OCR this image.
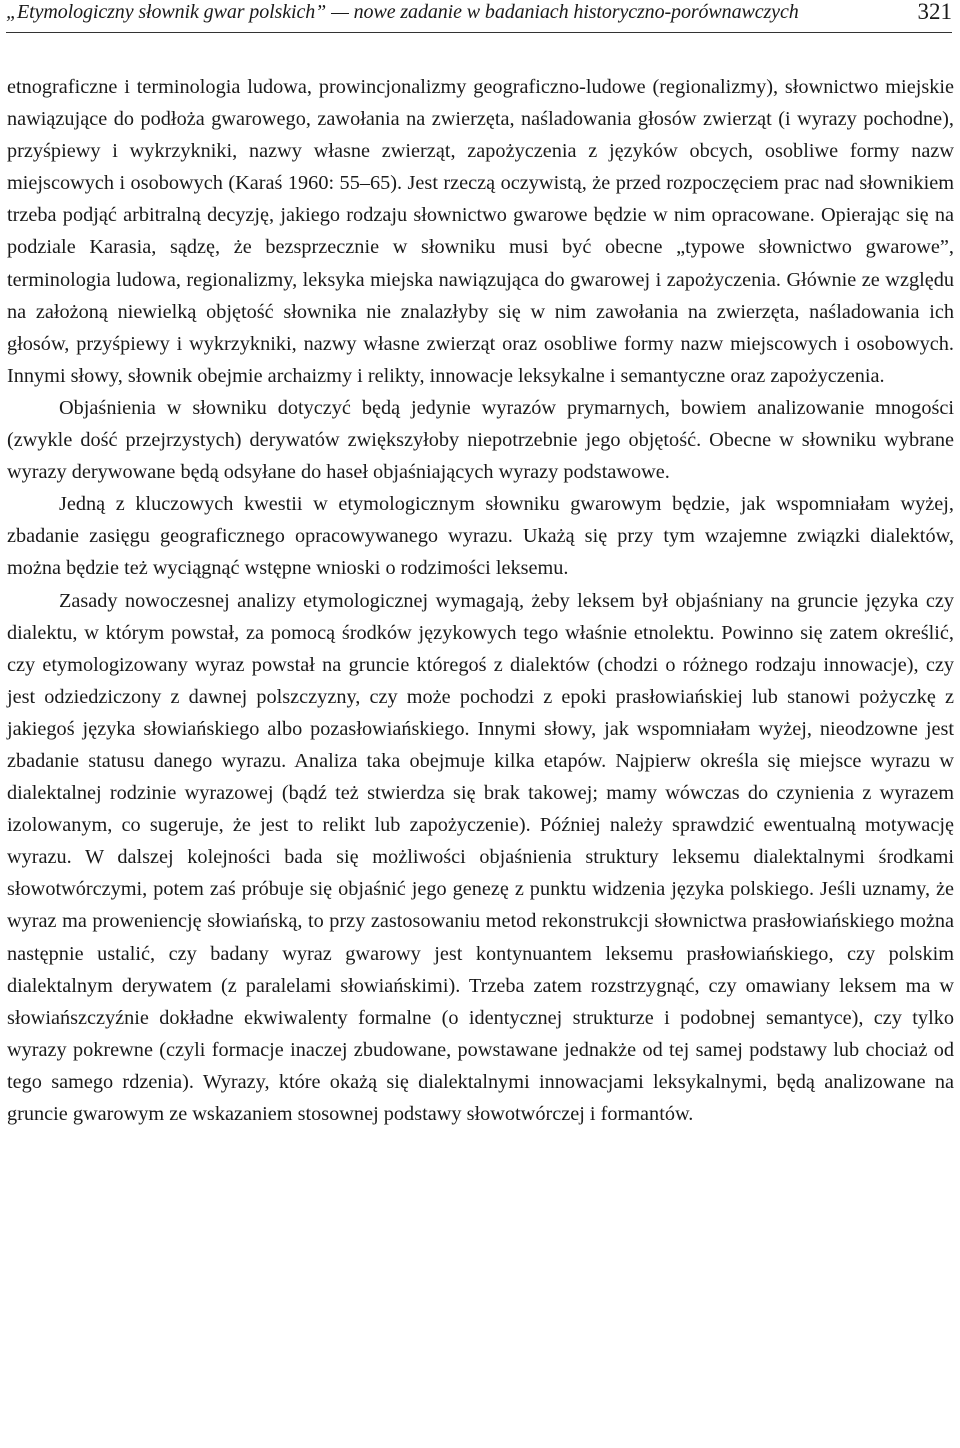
„Etymologiczny słownik gwar polskich” — nowe zadanie w badaniach historyczno-porównawczych	321

etnograficzne i terminologia ludowa, prowincjonalizmy geograficzno-ludowe (regionalizmy), słownictwo miejskie nawiązujące do podłoża gwarowego, zawołania na zwierzęta, naśladowania głosów zwierząt (i wyrazy pochodne), przyśpiewy i wykrzykniki, nazwy własne zwierząt, zapożyczenia z języków obcych, osobliwe formy nazw miejscowych i osobowych (Karaś 1960: 55–65). Jest rzeczą oczywistą, że przed rozpoczęciem prac nad słownikiem trzeba podjąć arbitralną decyzję, jakiego rodzaju słownictwo gwarowe będzie w nim opracowane. Opierając się na podziale Karasia, sądzę, że bezsprzecznie w słowniku musi być obecne „typowe słownictwo gwarowe”, terminologia ludowa, regionalizmy, leksyka miejska nawiązująca do gwarowej i zapożyczenia. Głównie ze względu na założoną niewielką objętość słownika nie znalazłyby się w nim zawołania na zwierzęta, naśladowania ich głosów, przyśpiewy i wykrzykniki, nazwy własne zwierząt oraz osobliwe formy nazw miejscowych i osobowych. Innymi słowy, słownik obejmie archaizmy i relikty, innowacje leksykalne i semantyczne oraz zapożyczenia.

Objaśnienia w słowniku dotyczyć będą jedynie wyrazów prymarnych, bowiem analizowanie mnogości (zwykle dość przejrzystych) derywatów zwiększyłoby niepotrzebnie jego objętość. Obecne w słowniku wybrane wyrazy derywowane będą odsyłane do haseł objaśniających wyrazy podstawowe.

Jedną z kluczowych kwestii w etymologicznym słowniku gwarowym będzie, jak wspomniałam wyżej, zbadanie zasięgu geograficznego opracowywanego wyrazu. Ukażą się przy tym wzajemne związki dialektów, można będzie też wyciągnąć wstępne wnioski o rodzimości leksemu.

Zasady nowoczesnej analizy etymologicznej wymagają, żeby leksem był objaśniany na gruncie języka czy dialektu, w którym powstał, za pomocą środków językowych tego właśnie etnolektu. Powinno się zatem określić, czy etymologizowany wyraz powstał na gruncie któregoś z dialektów (chodzi o różnego rodzaju innowacje), czy jest odziedziczony z dawnej polszczyzny, czy może pochodzi z epoki prasłowiańskiej lub stanowi pożyczkę z jakiegoś języka słowiańskiego albo pozasłowiańskiego. Innymi słowy, jak wspomniałam wyżej, nieodzowne jest zbadanie statusu danego wyrazu. Analiza taka obejmuje kilka etapów. Najpierw określa się miejsce wyrazu w dialektalnej rodzinie wyrazowej (bądź też stwierdza się brak takowej; mamy wówczas do czynienia z wyrazem izolowanym, co sugeruje, że jest to relikt lub zapożyczenie). Później należy sprawdzić ewentualną motywację wyrazu. W dalszej kolejności bada się możliwości objaśnienia struktury leksemu dialektalnymi środkami słowotwórczymi, potem zaś próbuje się objaśnić jego genezę z punktu widzenia języka polskiego. Jeśli uznamy, że wyraz ma proweniencję słowiańską, to przy zastosowaniu metod rekonstrukcji słownictwa prasłowiańskiego można następnie ustalić, czy badany wyraz gwarowy jest kontynuantem leksemu prasłowiańskiego, czy polskim dialektalnym derywatem (z paralelami słowiańskimi). Trzeba zatem rozstrzygnąć, czy omawiany leksem ma w słowiańszczyźnie dokładne ekwiwalenty formalne (o identycznej strukturze i podobnej semantyce), czy tylko wyrazy pokrewne (czyli formacje inaczej zbudowane, powstawane jednakże od tej samej podstawy lub chociaż od tego samego rdzenia). Wyrazy, które okażą się dialektalnymi innowacjami leksykalnymi, będą analizowane na gruncie gwarowym ze wskazaniem stosownej podstawy słowotwórczej i formantów.
